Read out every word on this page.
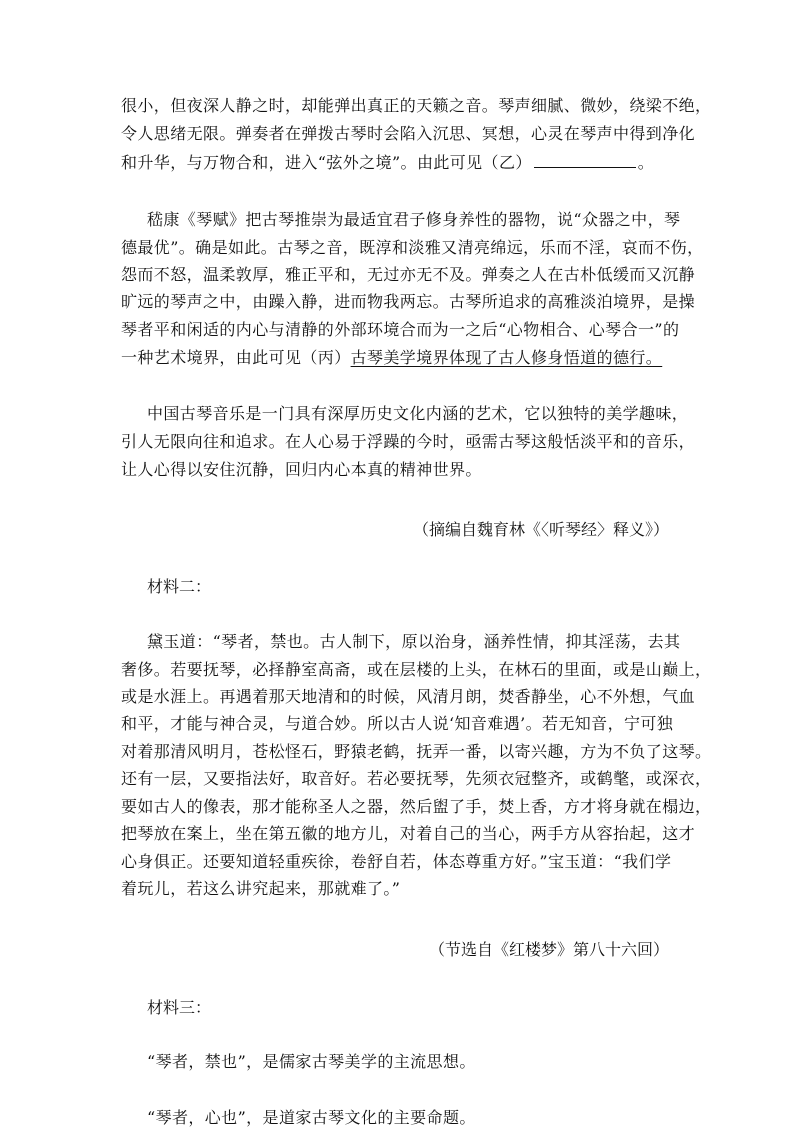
很小，但夜深人静之时，却能弹出真正的天籁之音。琴声细腻、微妙，绕梁不绝，
令人思绪无限。弹奏者在弹拨古琴时会陷入沉思、冥想，心灵在琴声中得到净化
和升华，与万物合和，进入“弦外之境”。由此可见（乙）	。
嵇康《琴赋》把古琴推崇为最适宜君子修身养性的器物，说“众器之中，琴
德最优”。确是如此。古琴之音，既淳和淡雅又清亮绵远，乐而不淫，哀而不伤，
怨而不怒，温柔敦厚，雅正平和，无过亦无不及。弹奏之人在古朴低缓而又沉静
旷远的琴声之中，由躁入静，进而物我两忘。古琴所追求的高雅淡泊境界，是操
琴者平和闲适的内心与清静的外部环境合而为一之后“心物相合、心琴合一”的
一种艺术境界，由此可见（丙）古琴美学境界体现了古人修身悟道的德行。
中国古琴音乐是一门具有深厚历史文化内涵的艺术，它以独特的美学趣味，
引人无限向往和追求。在人心易于浮躁的今时，亟需古琴这般恬淡平和的音乐，
让人心得以安住沉静，回归内心本真的精神世界。
（摘编自魏育林《〈听琴经〉释义》）
材料二：
黛玉道：“琴者，禁也。古人制下，原以治身，涵养性情，抑其淫荡，去其
奢侈。若要抚琴，必择静室高斋，或在层楼的上头，在林石的里面，或是山巅上，
或是水涯上。再遇着那天地清和的时候，风清月朗，焚香静坐，心不外想，气血
和平，才能与神合灵，与道合妙。所以古人说‘知音难遇’。若无知音，宁可独
对着那清风明月，苍松怪石，野猿老鹤，抚弄一番，以寄兴趣，方为不负了这琴。
还有一层，又要指法好，取音好。若必要抚琴，先须衣冠整齐，或鹤氅，或深衣，
要如古人的像表，那才能称圣人之器，然后盥了手，焚上香，方才将身就在榻边，
把琴放在案上，坐在第五徽的地方儿，对着自己的当心，两手方从容抬起，这才
心身俱正。还要知道轻重疾徐，卷舒自若，体态尊重方好。”宝玉道：“我们学
着玩儿，若这么讲究起来，那就难了。”
（节选自《红楼梦》第八十六回）
材料三：
“琴者，禁也”，是儒家古琴美学的主流思想。
“琴者，心也”，是道家古琴文化的主要命题。
